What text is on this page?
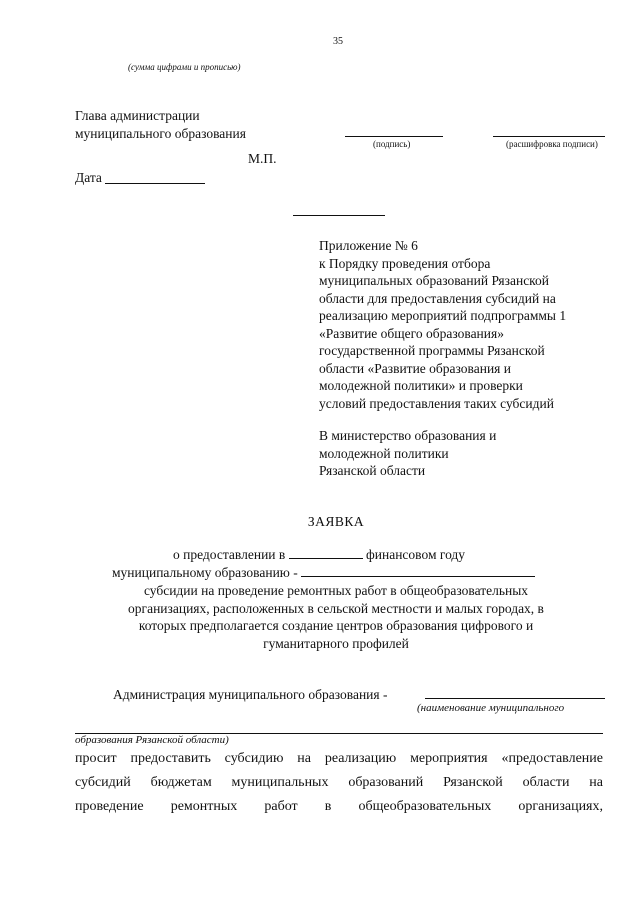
35
(сумма цифрами и прописью)
Глава администрации
муниципального образования
(подпись)	(расшифровка подписи)
М.П.
Дата
Приложение № 6
к Порядку проведения отбора
муниципальных образований Рязанской
области для предоставления субсидий на
реализацию мероприятий подпрограммы 1
«Развитие общего образования»
государственной программы Рязанской
области «Развитие образования и
молодежной политики» и проверки
условий предоставления таких субсидий
В министерство образования и
молодежной политики
Рязанской области
ЗАЯВКА
о предоставлении в	финансовом году
муниципальному образованию -
субсидии на проведение ремонтных работ в общеобразовательных
организациях, расположенных в сельской местности и малых городах, в
которых предполагается создание центров образования цифрового и
гуманитарного профилей
Администрация муниципального образования -
(наименование муниципального
образования Рязанской области)
просит предоставить субсидию на реализацию мероприятия «предоставление
субсидий бюджетам муниципальных образований Рязанской области на
проведение ремонтных работ в общеобразовательных организациях,
